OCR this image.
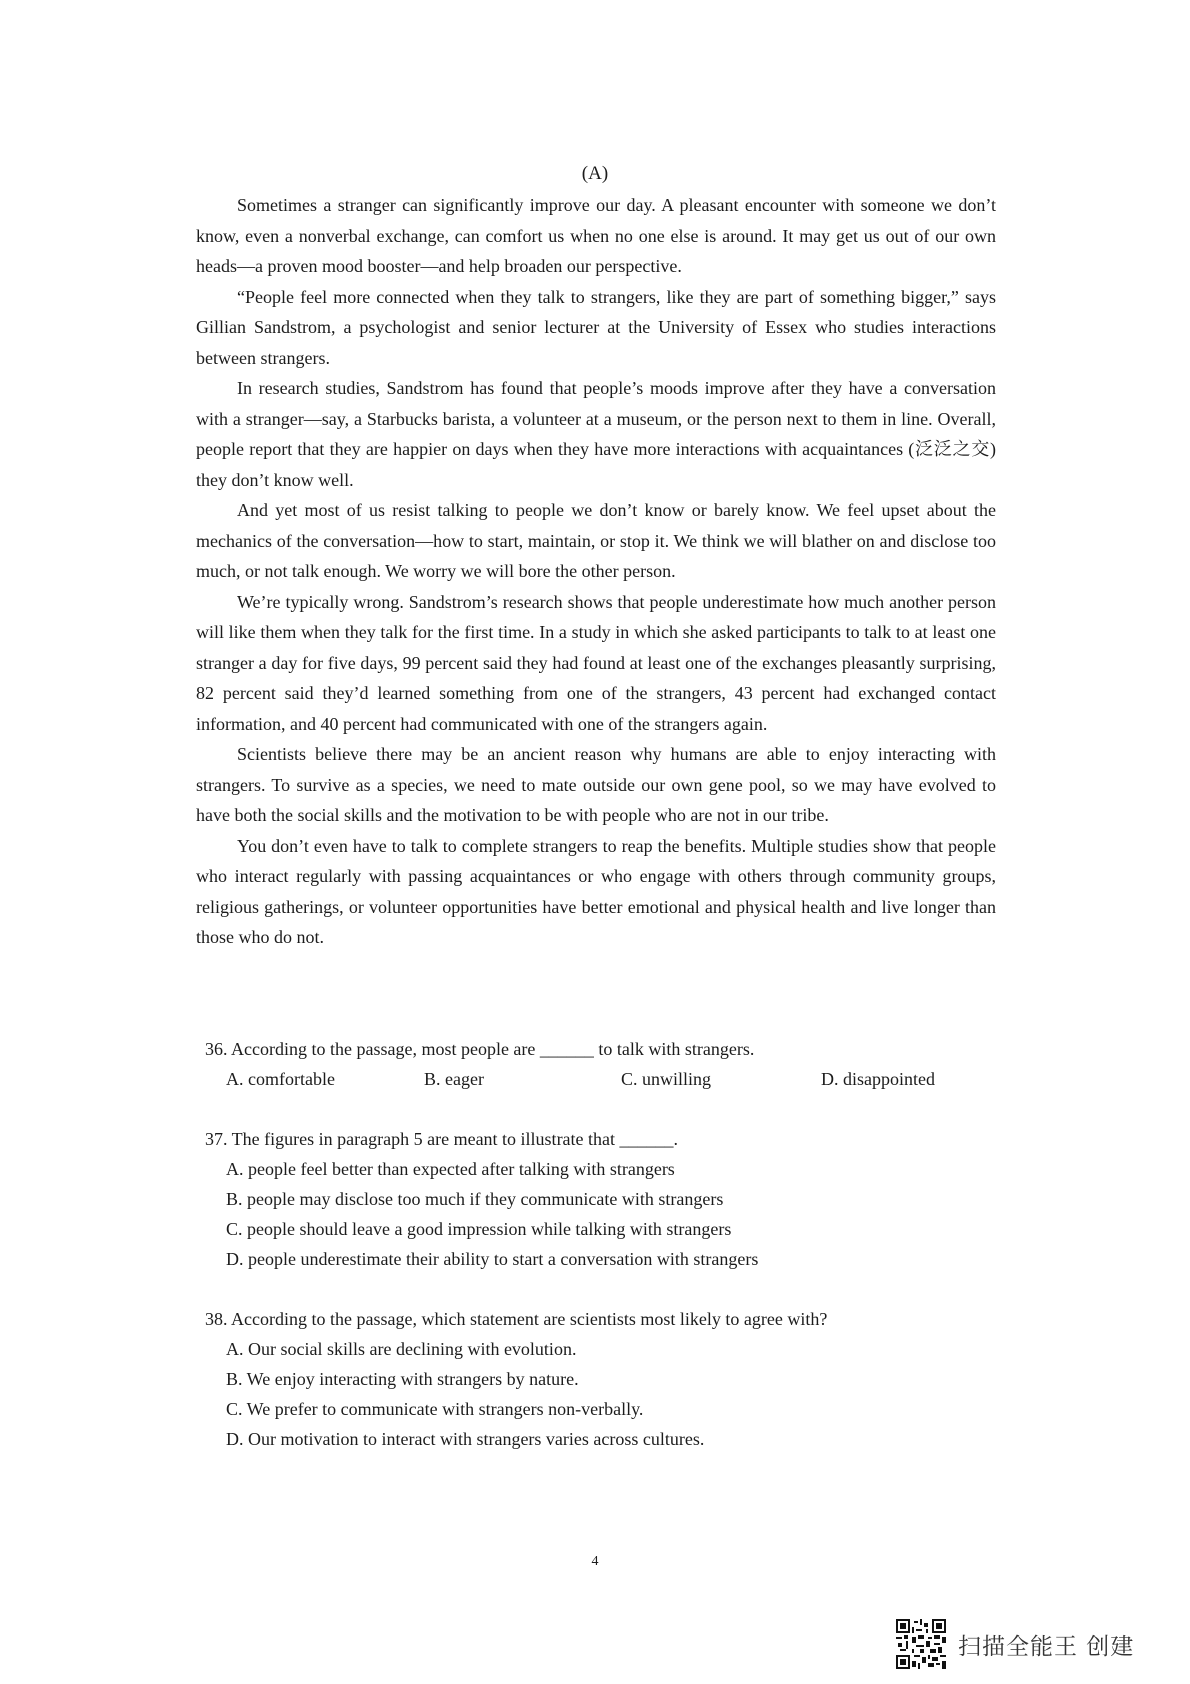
(A)

Sometimes a stranger can significantly improve our day. A pleasant encounter with someone we don’t know, even a nonverbal exchange, can comfort us when no one else is around. It may get us out of our own heads—a proven mood booster—and help broaden our perspective.

“People feel more connected when they talk to strangers, like they are part of something bigger,” says Gillian Sandstrom, a psychologist and senior lecturer at the University of Essex who studies interactions between strangers.

In research studies, Sandstrom has found that people’s moods improve after they have a conversation with a stranger—say, a Starbucks barista, a volunteer at a museum, or the person next to them in line. Overall, people report that they are happier on days when they have more interactions with acquaintances (泛泛之交) they don’t know well.

And yet most of us resist talking to people we don’t know or barely know. We feel upset about the mechanics of the conversation—how to start, maintain, or stop it. We think we will blather on and disclose too much, or not talk enough. We worry we will bore the other person.

We’re typically wrong. Sandstrom’s research shows that people underestimate how much another person will like them when they talk for the first time. In a study in which she asked participants to talk to at least one stranger a day for five days, 99 percent said they had found at least one of the exchanges pleasantly surprising, 82 percent said they’d learned something from one of the strangers, 43 percent had exchanged contact information, and 40 percent had communicated with one of the strangers again.

Scientists believe there may be an ancient reason why humans are able to enjoy interacting with strangers. To survive as a species, we need to mate outside our own gene pool, so we may have evolved to have both the social skills and the motivation to be with people who are not in our tribe.

You don’t even have to talk to complete strangers to reap the benefits. Multiple studies show that people who interact regularly with passing acquaintances or who engage with others through community groups, religious gatherings, or volunteer opportunities have better emotional and physical health and live longer than those who do not.

36. According to the passage, most people are ______ to talk with strangers.

A. comfortable	B. eager	C. unwilling	D. disappointed

37. The figures in paragraph 5 are meant to illustrate that ______.

A. people feel better than expected after talking with strangers
B. people may disclose too much if they communicate with strangers
C. people should leave a good impression while talking with strangers
D. people underestimate their ability to start a conversation with strangers

38. According to the passage, which statement are scientists most likely to agree with?

A. Our social skills are declining with evolution.
B. We enjoy interacting with strangers by nature.
C. We prefer to communicate with strangers non-verbally.
D. Our motivation to interact with strangers varies across cultures.
4
扫描全能王 创建
